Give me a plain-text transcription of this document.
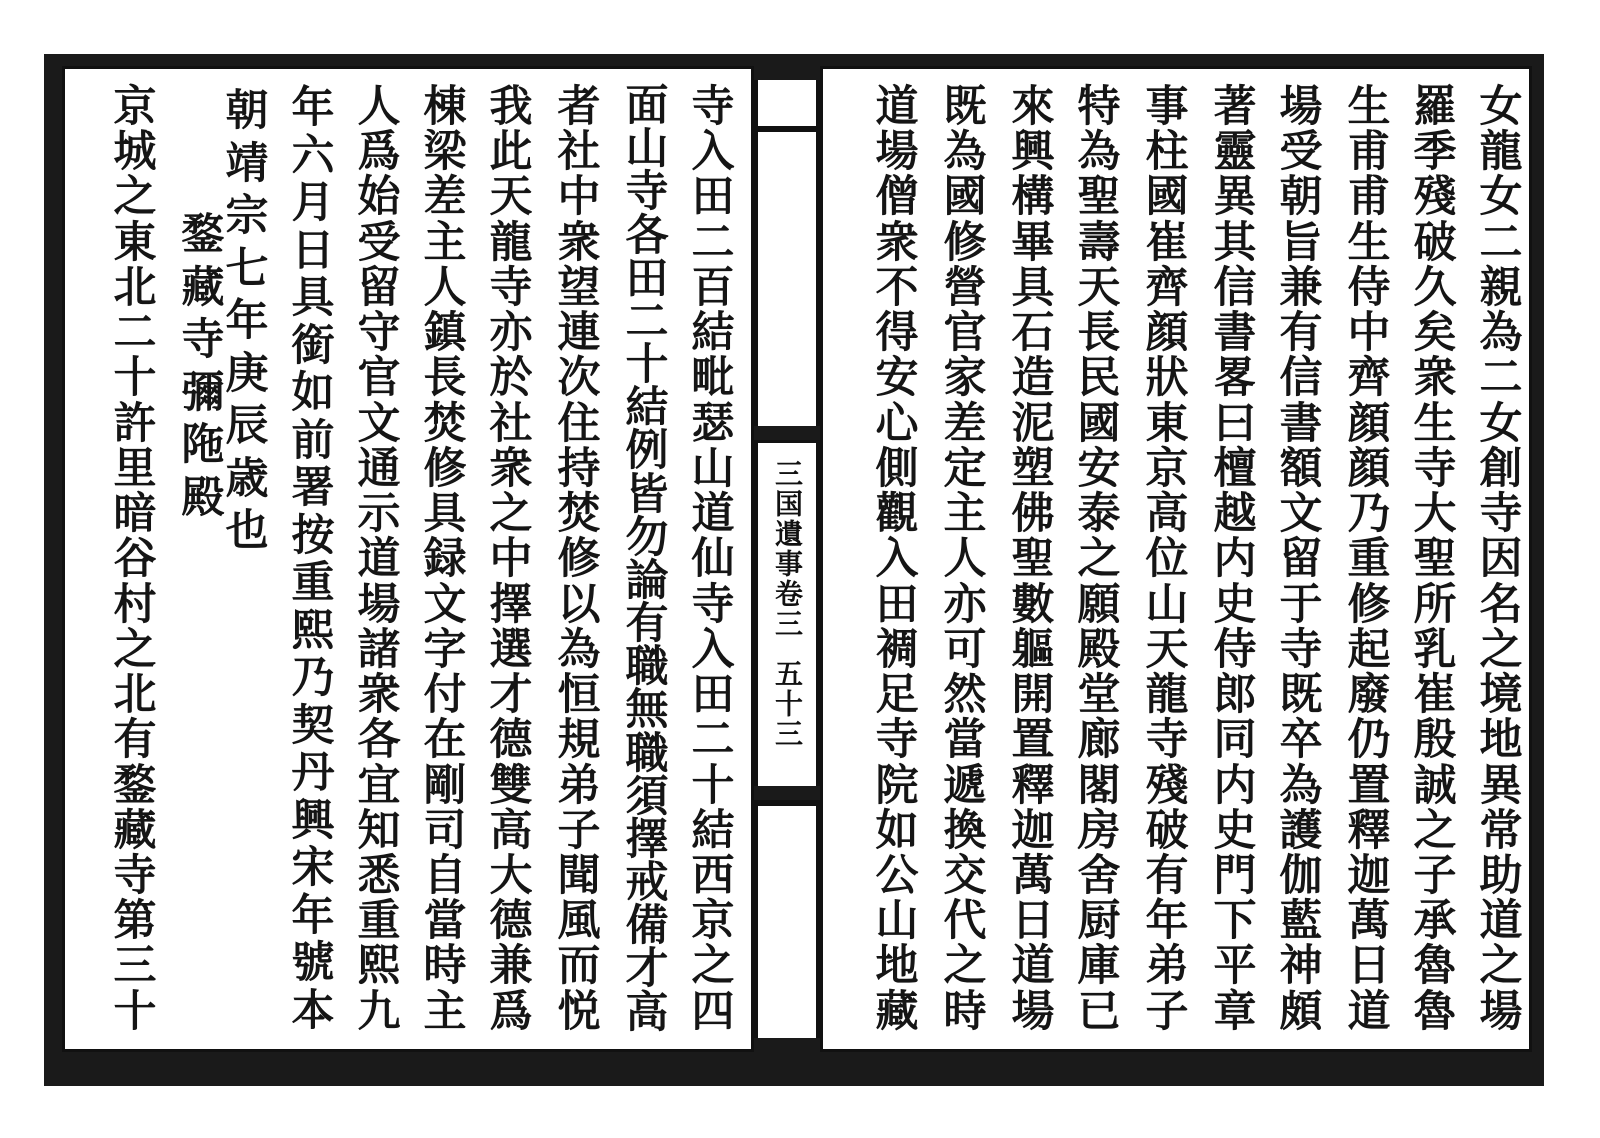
女
龍
女
二
親
為
二
女
創
寺
因
名
之
境
地
異
常
助
道
之
場
羅
季
殘
破
久
矣
衆
生
寺
大
聖
所
乳
崔
殷
誠
之
子
承
魯
魯
生
甫
甫
生
侍
中
齊
顔
顔
乃
重
修
起
廢
仍
置
釋
迦
萬
日
道
場
受
朝
旨
兼
有
信
書
額
文
留
于
寺
既
卒
為
護
伽
藍
神
頗
著
靈
異
其
信
書
畧
曰
檀
越
内
史
侍
郎
同
内
史
門
下
平
章
事
柱
國
崔
齊
顔
狀
東
京
高
位
山
天
龍
寺
殘
破
有
年
弟
子
特
為
聖
壽
天
長
民
國
安
泰
之
願
殿
堂
廊
閣
房
舍
厨
庫
已
來
興
構
畢
具
石
造
泥
塑
佛
聖
數
軀
開
置
釋
迦
萬
日
道
場
既
為
國
修
營
官
家
差
定
主
人
亦
可
然
當
遞
換
交
代
之
時
道
場
僧
衆
不
得
安
心
側
觀
入
田
裯
足
寺
院
如
公
山
地
藏
三国遺事卷三
五十三
寺
入
田
二
百
結
毗
瑟
山
道
仙
寺
入
田
二
十
結
西
京
之
四
面
山
寺
各
田
二
十
結
例
皆
勿
論
有
職
無
職
須
擇
戒
備
才
高
者
社
中
衆
望
連
次
住
持
焚
修
以
為
恒
規
弟
子
聞
風
而
悦
我
此
天
龍
寺
亦
於
社
衆
之
中
擇
選
才
德
雙
高
大
德
兼
爲
棟
梁
差
主
人
鎮
長
焚
修
具
録
文
字
付
在
剛
司
自
當
時
主
人
爲
始
受
留
守
官
文
通
示
道
場
諸
衆
各
宜
知
悉
重
熙
九
年
六
月
日
具
銜
如
前
署
按
重
熙
乃
契
丹
興
宋
年
號
本
朝
靖
宗
七
年
庚
辰
歳
也
鍪
藏
寺
彌
陁
殿
京
城
之
東
北
二
十
許
里
暗
谷
村
之
北
有
鍪
藏
寺
第
三
十
